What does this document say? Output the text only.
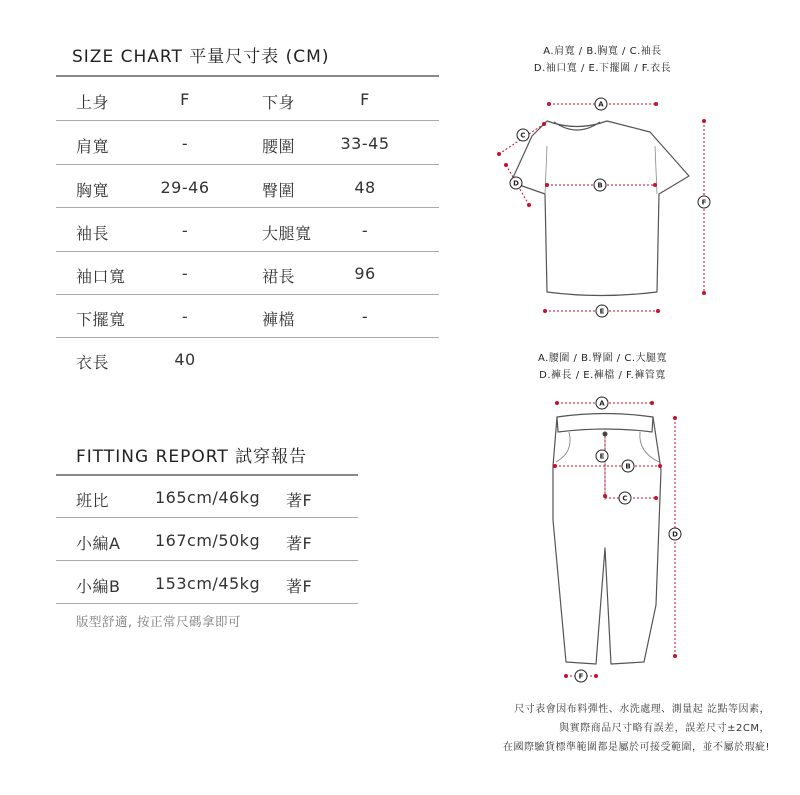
SIZE CHART 平量尺寸表 (CM)
上身	F	下身	F
肩寬	-	腰圍	33-45
胸寬	29-46	臀圍	48
袖長	-	大腿寬	-
袖口寬	-	裙長	96
下擺寬	-	褲檔	-
衣長	40
FITTING REPORT 試穿報告
班比	165cm/46kg 著F
小編A 167cm/50kg 著F
小編B 153cm/45kg 著F
版型舒適, 按正常尺碼拿即可
A.肩寬 / B.胸寬 / C.袖長
D.袖口寬 / E.下擺圍 / F.衣長
A.腰圍 / B.臀圍 / C.大腿寬
D.褲長 / E.褲檔 / F.褲管寬
A
C
D	B
F
E
A
E
B
C
D
F
尺寸表會因布料彈性、水洗處理、測量起 訖點等因素，
與實際商品尺寸略有誤差，誤差尺寸±2CM，
在國際驗貨標準範圍都是屬於可接受範圍，並不屬於瑕疵!
